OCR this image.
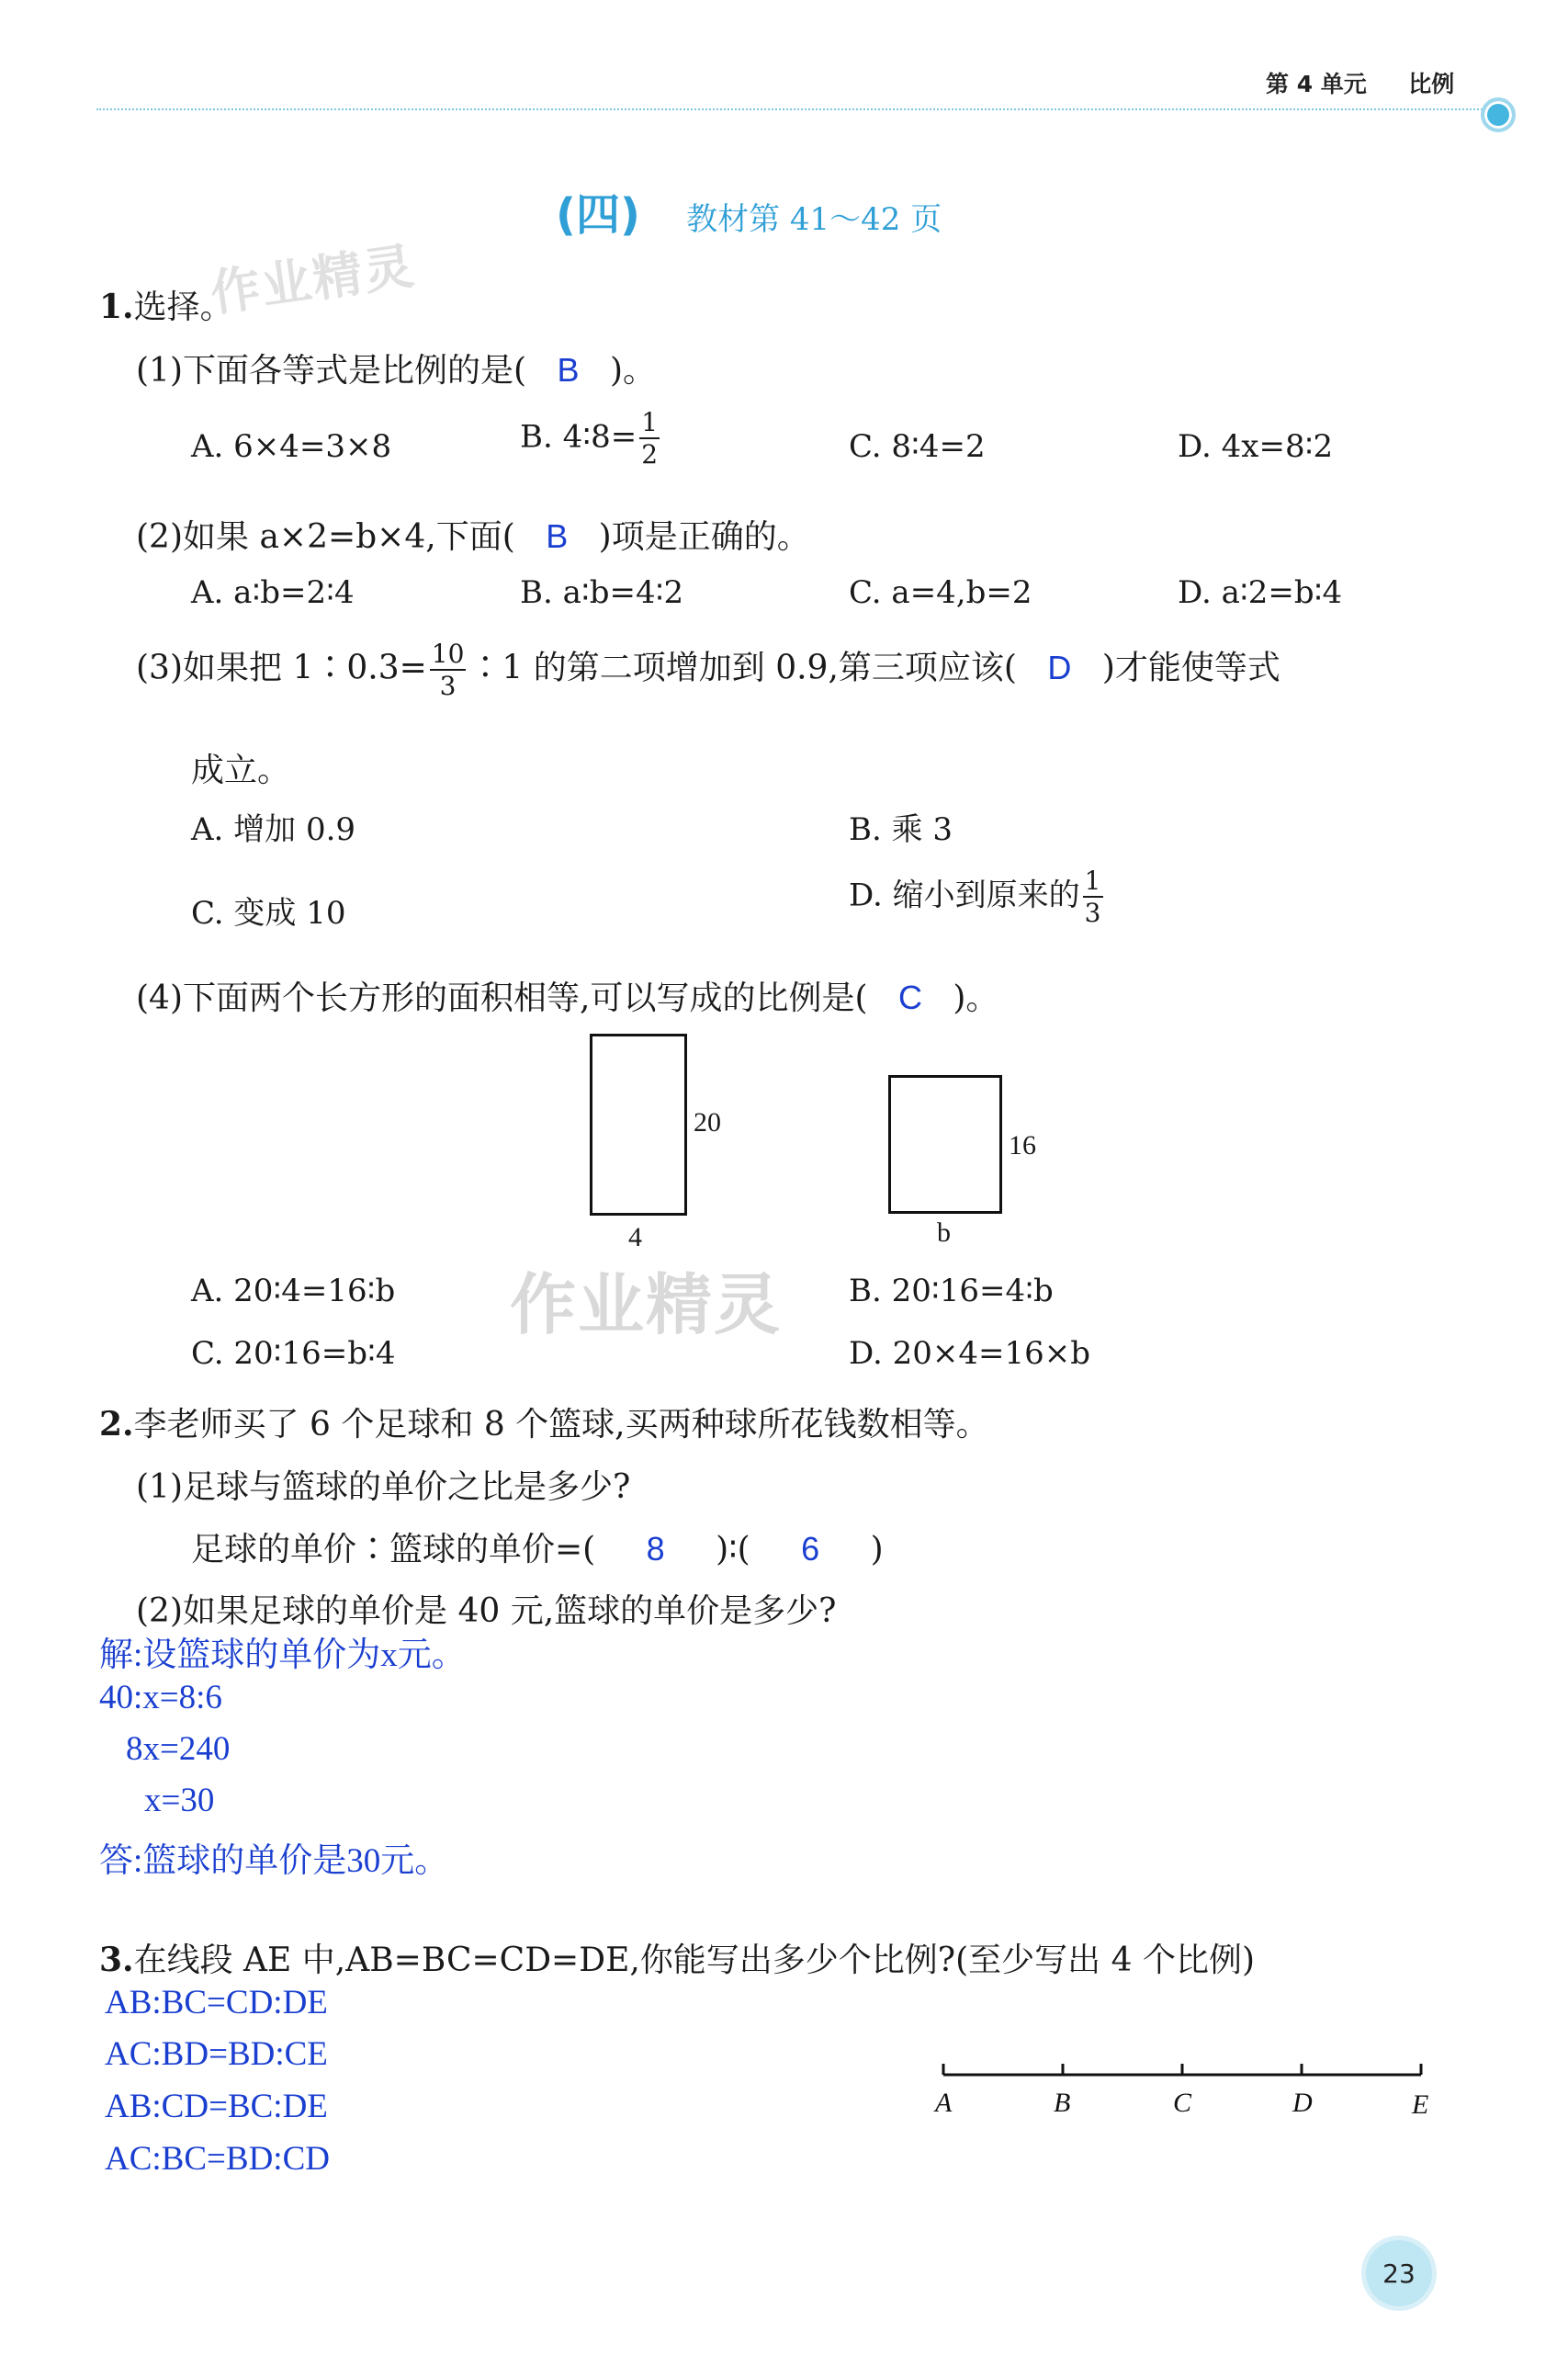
第 4 单元 比例
(四) 教材第 41～42 页
作业精灵
作业精灵
1.选择。
(1)下面各等式是比例的是( B )。
A. 6×4=3×8	B. 4∶8= $\frac{1}{2}$	C. 8∶4=2	D. 4x=8∶2
(2)如果 a×2=b×4,下面( B )项是正确的。
A. a∶b=2∶4	B. a∶b=4∶2	C. a=4,b=2	D. a∶2=b∶4
(3)如果把 1∶0.3= $\frac{10}{3}$ ∶1 的第二项增加到 0.9,第三项应该( D )才能使等式
成立。
A. 增加 0.9	B. 乘 3
C. 变成 10	D. 缩小到原来的 $\frac{1}{3}$
(4)下面两个长方形的面积相等,可以写成的比例是( C )。
20
4
16
b
A. 20∶4=16∶b	B. 20∶16=4∶b
C. 20∶16=b∶4	D. 20×4=16×b
2.李老师买了 6 个足球和 8 个篮球,买两种球所花钱数相等。
(1)足球与篮球的单价之比是多少?
足球的单价∶篮球的单价=( 8 )∶( 6 )
(2)如果足球的单价是 40 元,篮球的单价是多少?
解:设篮球的单价为x元。
40:x=8:6
8x=240
x=30
答:篮球的单价是30元。
3.在线段 AE 中,AB=BC=CD=DE,你能写出多少个比例?(至少写出 4 个比例)
AB:BC=CD:DE
AC:BD=BD:CE
AB:CD=BC:DE
AC:BC=BD:CD
A	B	C	D	E
23
